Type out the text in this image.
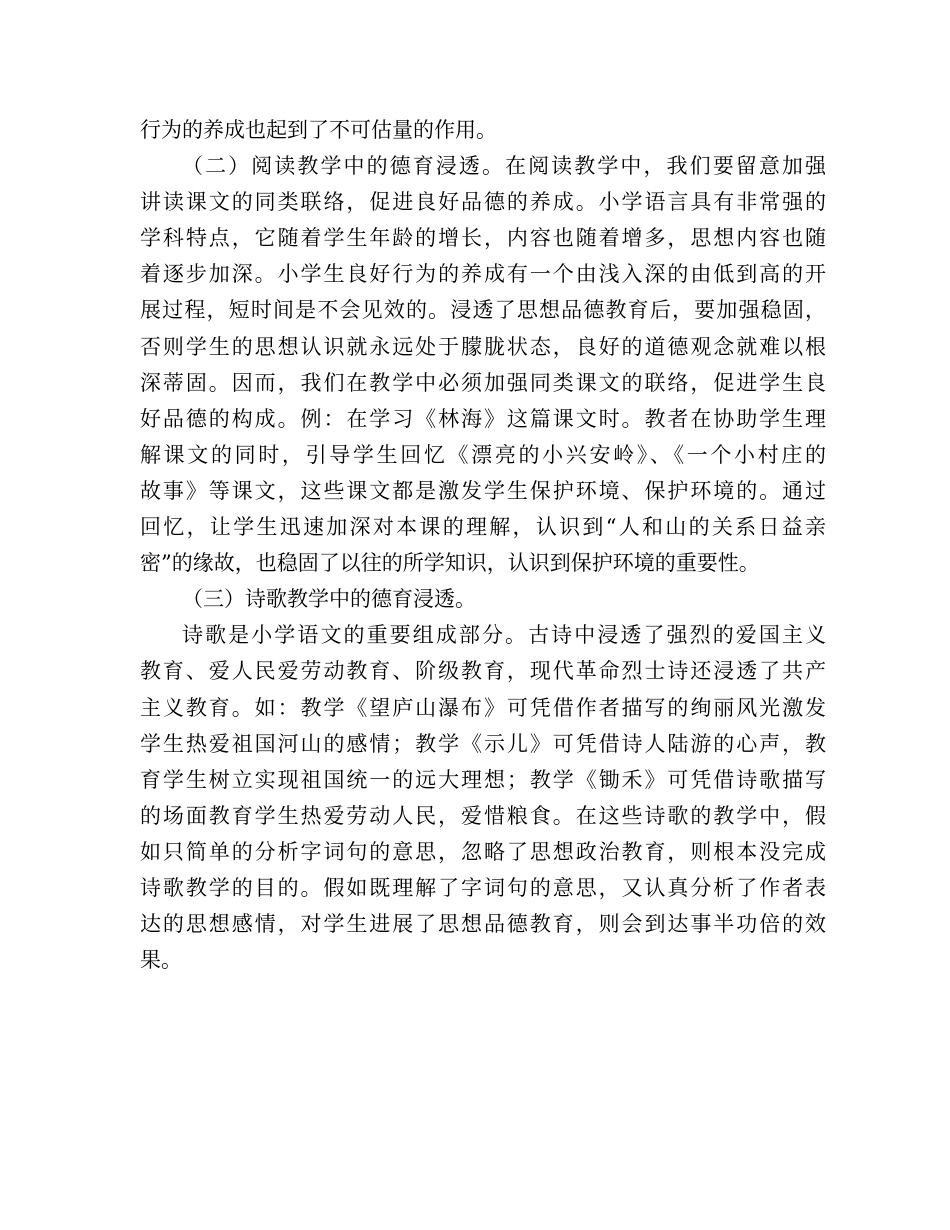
行为的养成也起到了不可估量的作用。
（二）阅读教学中的德育浸透。在阅读教学中，我们要留意加强
讲读课文的同类联络，促进良好品德的养成。小学语言具有非常强的
学科特点，它随着学生年龄的增长，内容也随着增多，思想内容也随
着逐步加深。小学生良好行为的养成有一个由浅入深的由低到高的开
展过程，短时间是不会见效的。浸透了思想品德教育后，要加强稳固，
否则学生的思想认识就永远处于朦胧状态，良好的道德观念就难以根
深蒂固。因而，我们在教学中必须加强同类课文的联络，促进学生良
好品德的构成。例：在学习《林海》这篇课文时。教者在协助学生理
解课文的同时，引导学生回忆《漂亮的小兴安岭》、《一个小村庄的
故事》等课文，这些课文都是激发学生保护环境、保护环境的。通过
回忆，让学生迅速加深对本课的理解，认识到“人和山的关系日益亲
密”的缘故，也稳固了以往的所学知识，认识到保护环境的重要性。
（三）诗歌教学中的德育浸透。
诗歌是小学语文的重要组成部分。古诗中浸透了强烈的爱国主义
教育、爱人民爱劳动教育、阶级教育，现代革命烈士诗还浸透了共产
主义教育。如：教学《望庐山瀑布》可凭借作者描写的绚丽风光激发
学生热爱祖国河山的感情；教学《示儿》可凭借诗人陆游的心声，教
育学生树立实现祖国统一的远大理想；教学《锄禾》可凭借诗歌描写
的场面教育学生热爱劳动人民，爱惜粮食。在这些诗歌的教学中，假
如只简单的分析字词句的意思，忽略了思想政治教育，则根本没完成
诗歌教学的目的。假如既理解了字词句的意思，又认真分析了作者表
达的思想感情，对学生进展了思想品德教育，则会到达事半功倍的效
果。
